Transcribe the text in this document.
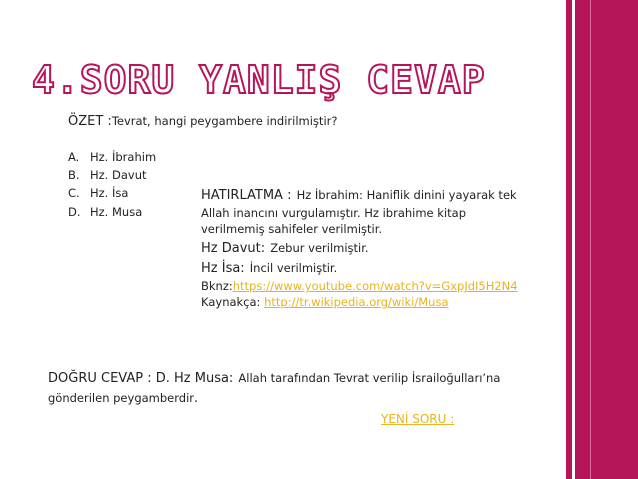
4.SORU YANLIŞ CEVAP
ÖZET :Tevrat, hangi peygambere indirilmiştir?
A. Hz. İbrahim
B. Hz. Davut
C. Hz. İsa
D. Hz. Musa
HATIRLATMA : Hz İbrahim: Haniflik dinini yayarak tek
Allah inancını vurgulamıştır. Hz ibrahime kitap
verilmemiş sahifeler verilmiştir.
Hz Davut: Zebur verilmiştir.
Hz İsa: İncil verilmiştir.
Bknz:https://www.youtube.com/watch?v=GxpJdI5H2N4
Kaynakça: http://tr.wikipedia.org/wiki/Musa
DOĞRU CEVAP : D. Hz Musa: Allah tarafından Tevrat verilip İsrailoğulları’na
gönderilen peygamberdir.
YENİ SORU :
